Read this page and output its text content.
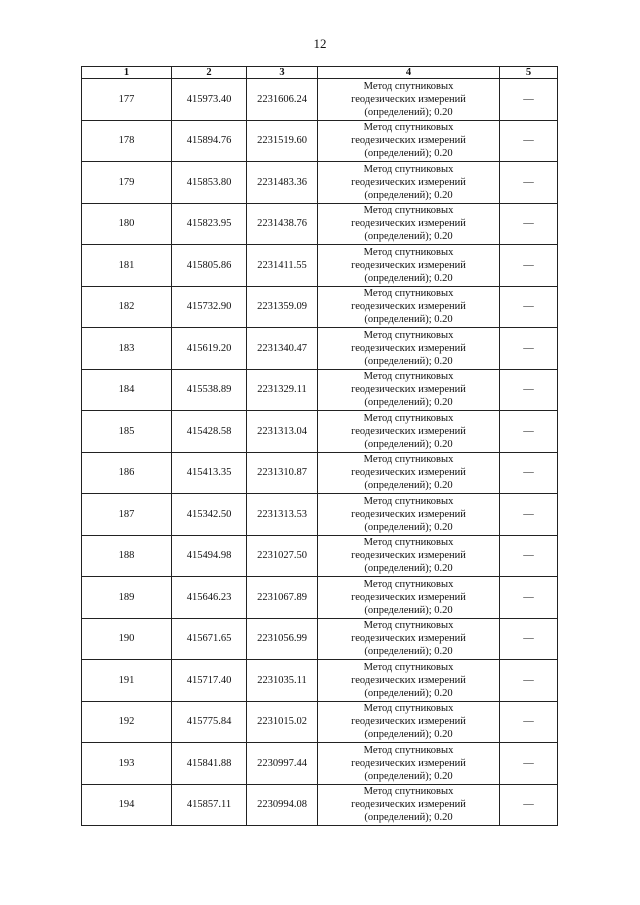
12
1	2	3	4	5
177	415973.40	2231606.24	Метод спутниковых
геодезических измерений
(определений); 0.20	—
178	415894.76	2231519.60	Метод спутниковых
геодезических измерений
(определений); 0.20	—
179	415853.80	2231483.36	Метод спутниковых
геодезических измерений
(определений); 0.20	—
180	415823.95	2231438.76	Метод спутниковых
геодезических измерений
(определений); 0.20	—
181	415805.86	2231411.55	Метод спутниковых
геодезических измерений
(определений); 0.20	—
182	415732.90	2231359.09	Метод спутниковых
геодезических измерений
(определений); 0.20	—
183	415619.20	2231340.47	Метод спутниковых
геодезических измерений
(определений); 0.20	—
184	415538.89	2231329.11	Метод спутниковых
геодезических измерений
(определений); 0.20	—
185	415428.58	2231313.04	Метод спутниковых
геодезических измерений
(определений); 0.20	—
186	415413.35	2231310.87	Метод спутниковых
геодезических измерений
(определений); 0.20	—
187	415342.50	2231313.53	Метод спутниковых
геодезических измерений
(определений); 0.20	—
188	415494.98	2231027.50	Метод спутниковых
геодезических измерений
(определений); 0.20	—
189	415646.23	2231067.89	Метод спутниковых
геодезических измерений
(определений); 0.20	—
190	415671.65	2231056.99	Метод спутниковых
геодезических измерений
(определений); 0.20	—
191	415717.40	2231035.11	Метод спутниковых
геодезических измерений
(определений); 0.20	—
192	415775.84	2231015.02	Метод спутниковых
геодезических измерений
(определений); 0.20	—
193	415841.88	2230997.44	Метод спутниковых
геодезических измерений
(определений); 0.20	—
194	415857.11	2230994.08	Метод спутниковых
геодезических измерений
(определений); 0.20	—
